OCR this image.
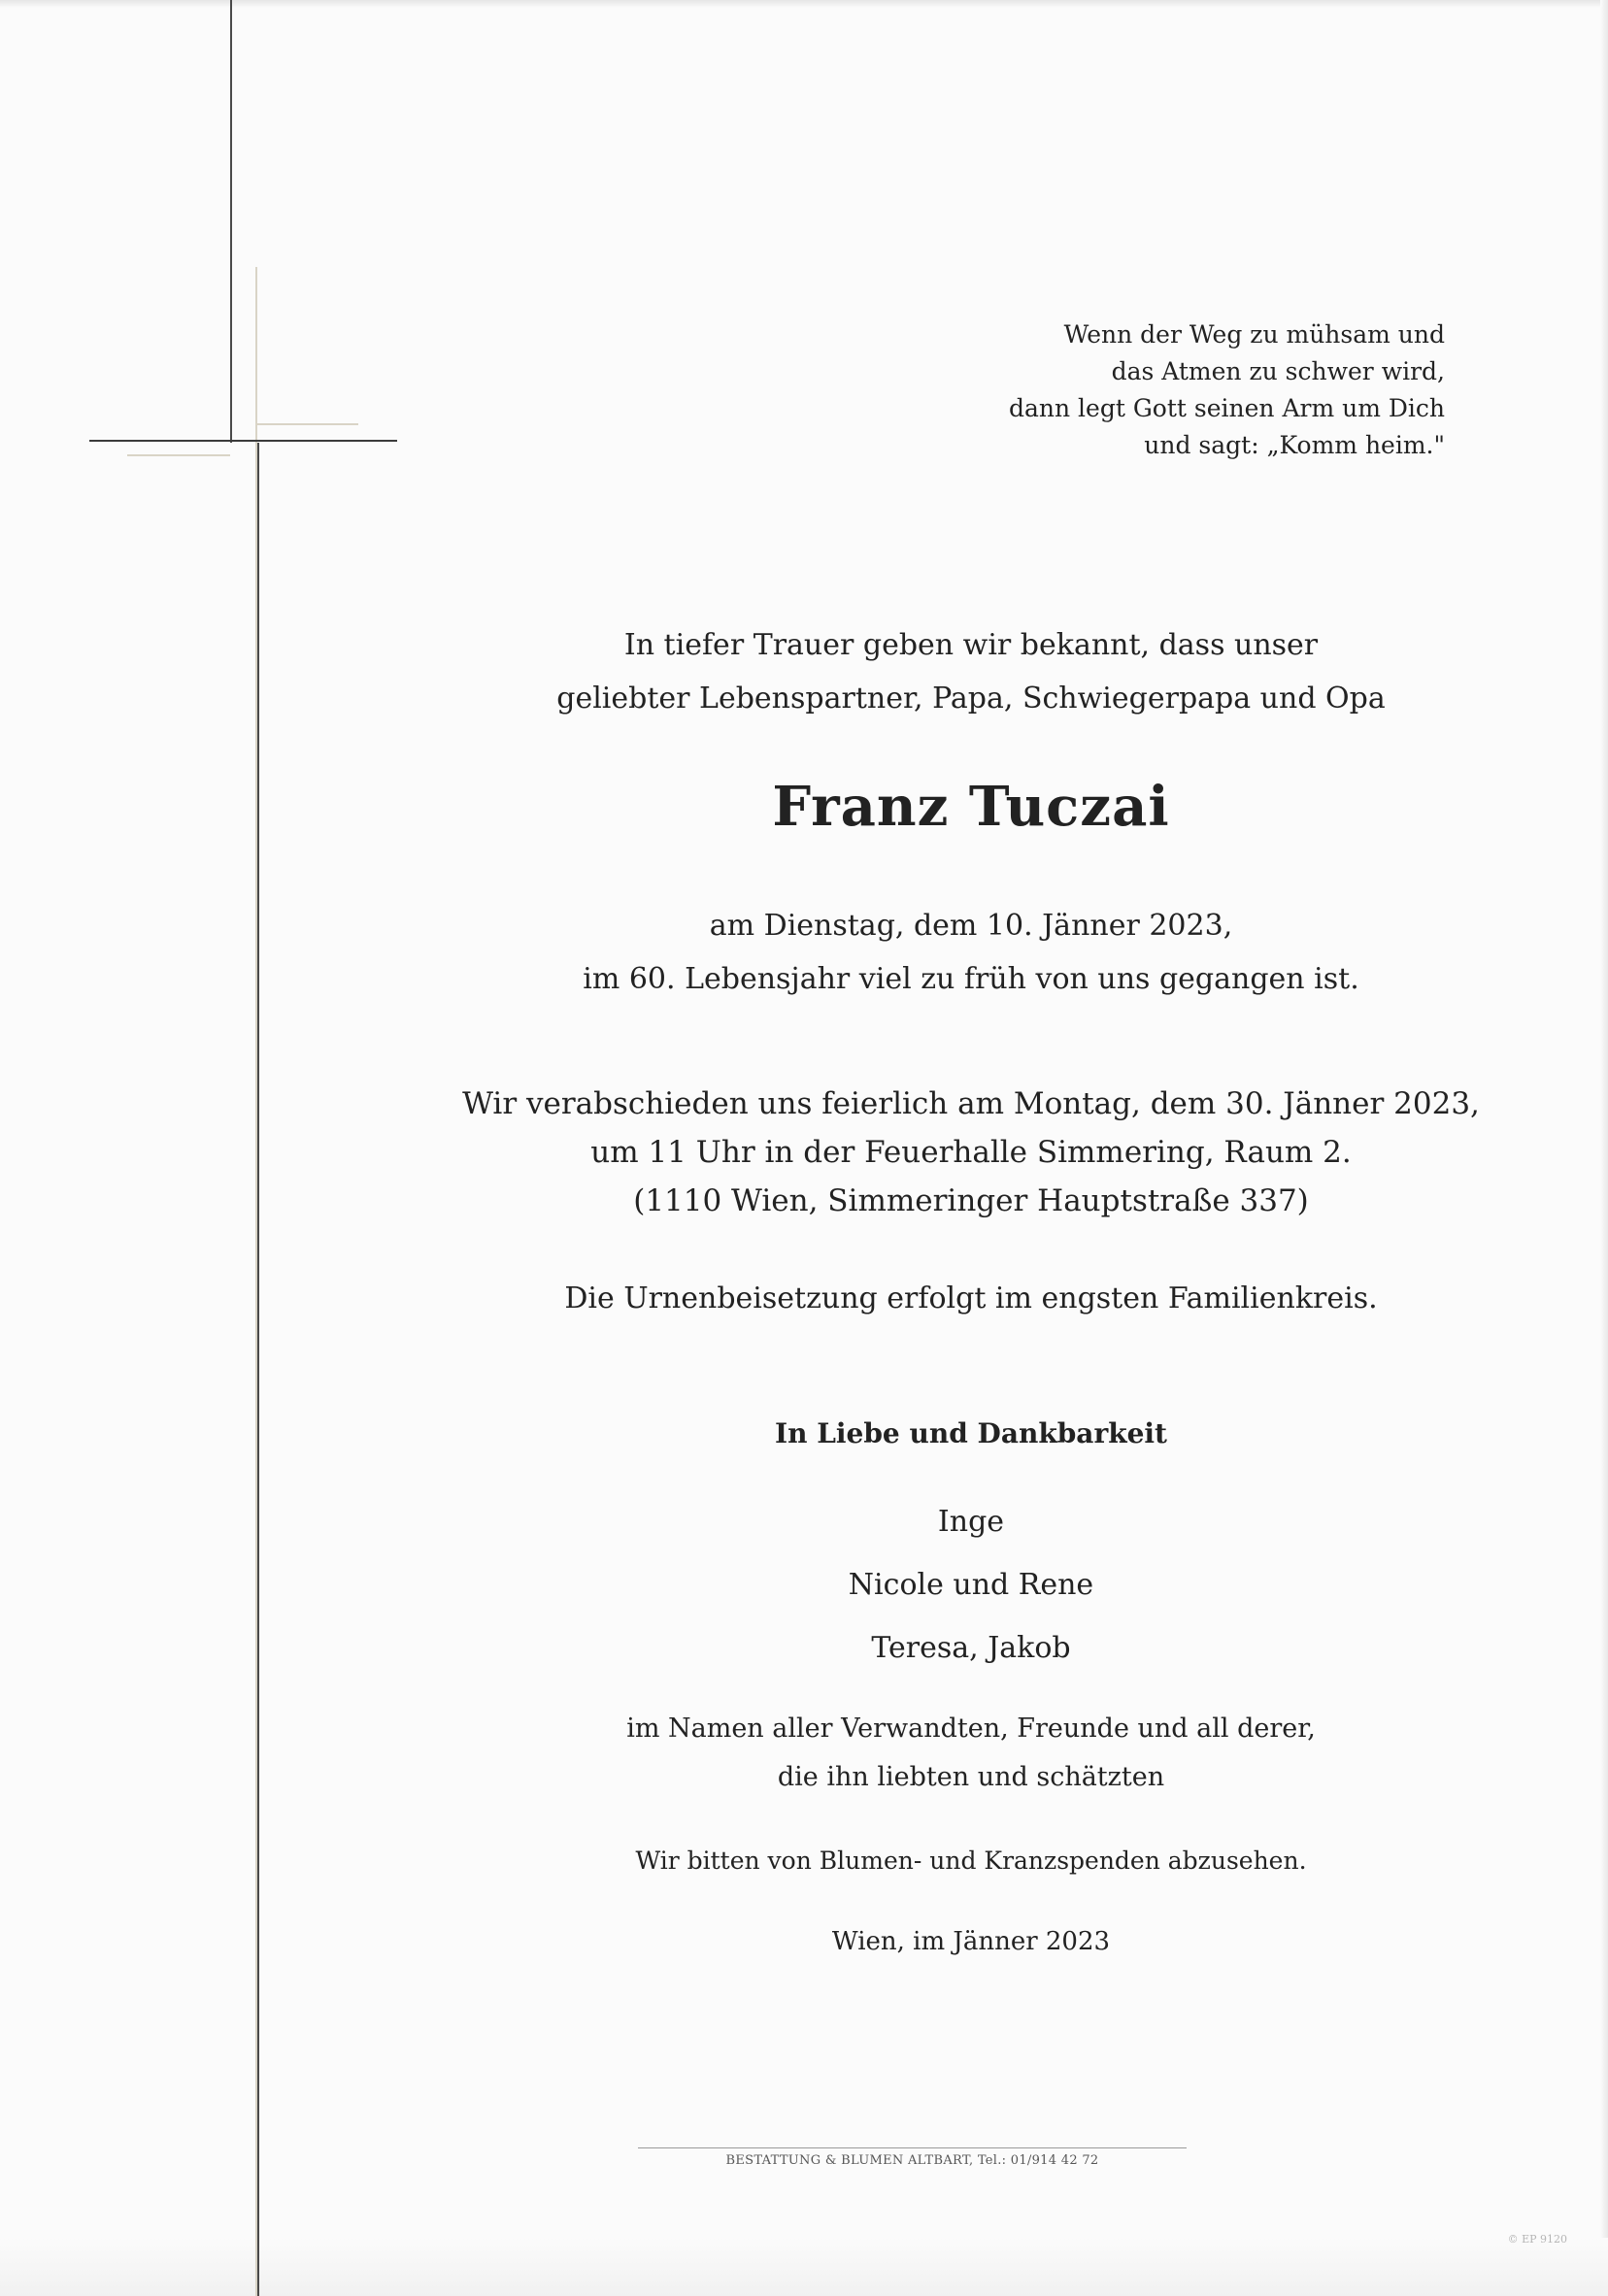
Wenn der Weg zu mühsam und
das Atmen zu schwer wird,
dann legt Gott seinen Arm um Dich
und sagt: „Komm heim."
In tiefer Trauer geben wir bekannt, dass unser
geliebter Lebenspartner, Papa, Schwiegerpapa und Opa
Franz Tuczai
am Dienstag, dem 10. Jänner 2023,
im 60. Lebensjahr viel zu früh von uns gegangen ist.
Wir verabschieden uns feierlich am Montag, dem 30. Jänner 2023,
um 11 Uhr in der Feuerhalle Simmering, Raum 2.
(1110 Wien, Simmeringer Hauptstraße 337)
Die Urnenbeisetzung erfolgt im engsten Familienkreis.
In Liebe und Dankbarkeit
Inge
Nicole und Rene
Teresa, Jakob
im Namen aller Verwandten, Freunde und all derer,
die ihn liebten und schätzten
Wir bitten von Blumen- und Kranzspenden abzusehen.
Wien, im Jänner 2023
BESTATTUNG & BLUMEN ALTBART, Tel.: 01/914 42 72
© EP 9120
